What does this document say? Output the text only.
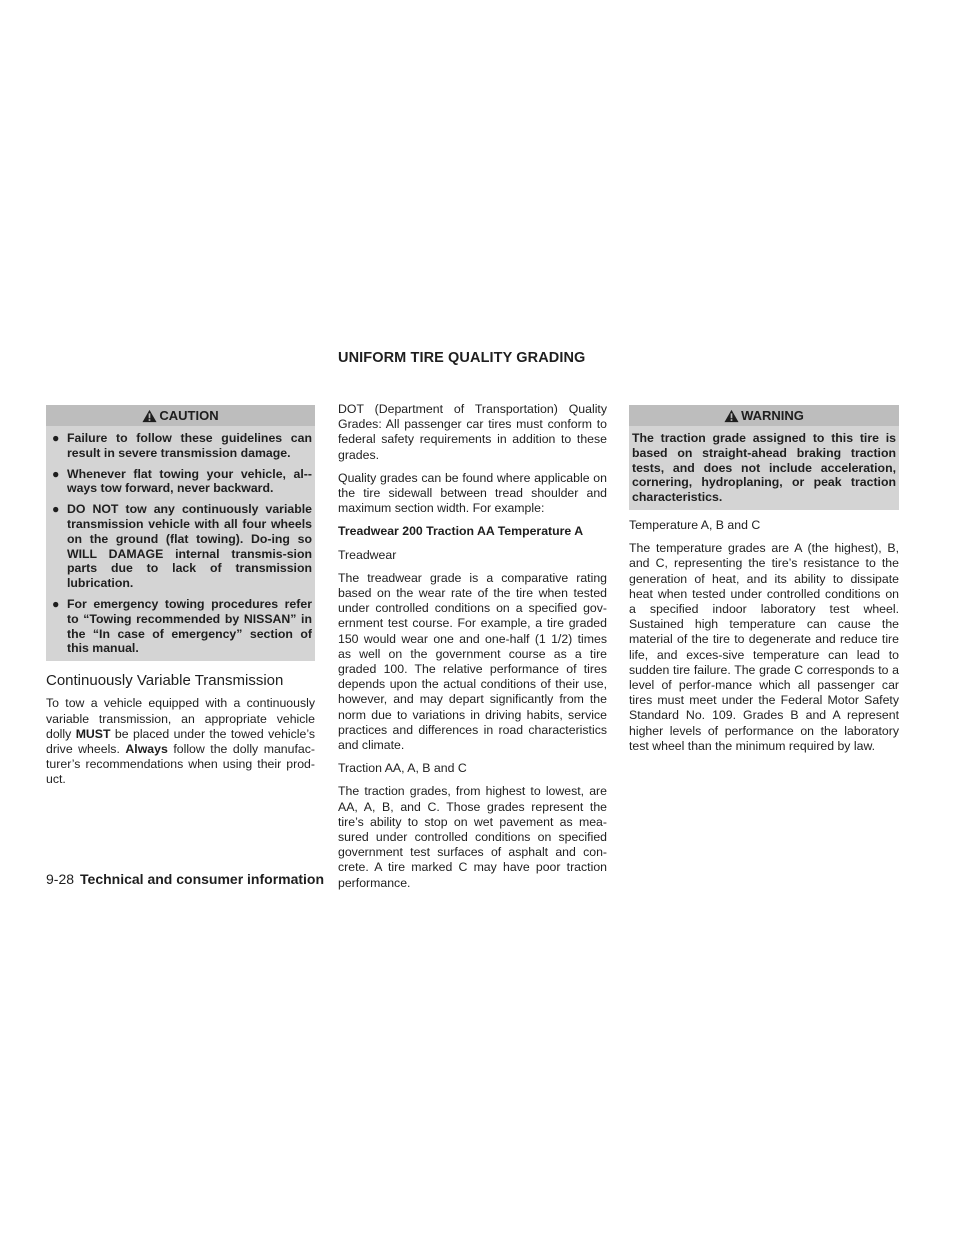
UNIFORM TIRE QUALITY GRADING
CAUTION
● Failure to follow these guidelines can result in severe transmission damage.
● Whenever flat towing your vehicle, al-ways tow forward, never backward.
● DO NOT tow any continuously variable transmission vehicle with all four wheels on the ground (flat towing). Do-ing so WILL DAMAGE internal transmis-sion parts due to lack of transmission lubrication.
● For emergency towing procedures refer to “Towing recommended by NISSAN” in the “In case of emergency” section of this manual.
Continuously Variable Transmission

To tow a vehicle equipped with a continuously variable transmission, an appropriate vehicle dolly MUST be placed under the towed vehicle’s drive wheels. Always follow the dolly manufac-turer’s recommendations when using their prod-uct.

DOT (Department of Transportation) Quality Grades: All passenger car tires must conform to federal safety requirements in addition to these grades.

Quality grades can be found where applicable on the tire sidewall between tread shoulder and maximum section width. For example:

Treadwear 200 Traction AA Temperature A

Treadwear

The treadwear grade is a comparative rating based on the wear rate of the tire when tested under controlled conditions on a specified gov-ernment test course. For example, a tire graded 150 would wear one and one-half (1 1/2) times as well on the government course as a tire graded 100. The relative performance of tires depends upon the actual conditions of their use, however, and may depart significantly from the norm due to variations in driving habits, service practices and differences in road characteristics and climate.

Traction AA, A, B and C

The traction grades, from highest to lowest, are AA, A, B, and C. Those grades represent the tire’s ability to stop on wet pavement as mea-sured under controlled conditions on specified government test surfaces of asphalt and con-crete. A tire marked C may have poor traction performance.

WARNING
The traction grade assigned to this tire is based on straight-ahead braking traction tests, and does not include acceleration, cornering, hydroplaning, or peak traction characteristics.

Temperature A, B and C

The temperature grades are A (the highest), B, and C, representing the tire’s resistance to the generation of heat, and its ability to dissipate heat when tested under controlled conditions on a specified indoor laboratory test wheel. Sustained high temperature can cause the material of the tire to degenerate and reduce tire life, and exces-sive temperature can lead to sudden tire failure. The grade C corresponds to a level of perfor-mance which all passenger car tires must meet under the Federal Motor Safety Standard No. 109. Grades B and A represent higher levels of performance on the laboratory test wheel than the minimum required by law.

9-28 Technical and consumer information
